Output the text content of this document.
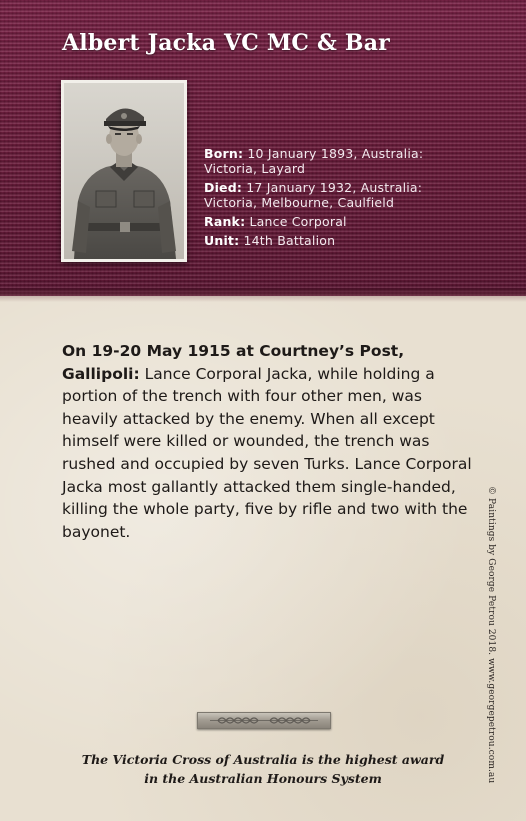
Albert Jacka VC MC & Bar
Born: 10 January 1893, Australia: Victoria, Layard
Died: 17 January 1932, Australia: Victoria, Melbourne, Caulfield
Rank: Lance Corporal
Unit: 14th Battalion

On 19-20 May 1915 at Courtney’s Post, Gallipoli: Lance Corporal Jacka, while holding a portion of the trench with four other men, was heavily attacked by the enemy. When all except himself were killed or wounded, the trench was rushed and occupied by seven Turks. Lance Corporal Jacka most gallantly attacked them single-handed, killing the whole party, five by rifle and two with the bayonet.

The Victoria Cross of Australia is the highest award
in the Australian Honours System	© Paintings by George Petrou 2018. www.georgepetrou.com.au
